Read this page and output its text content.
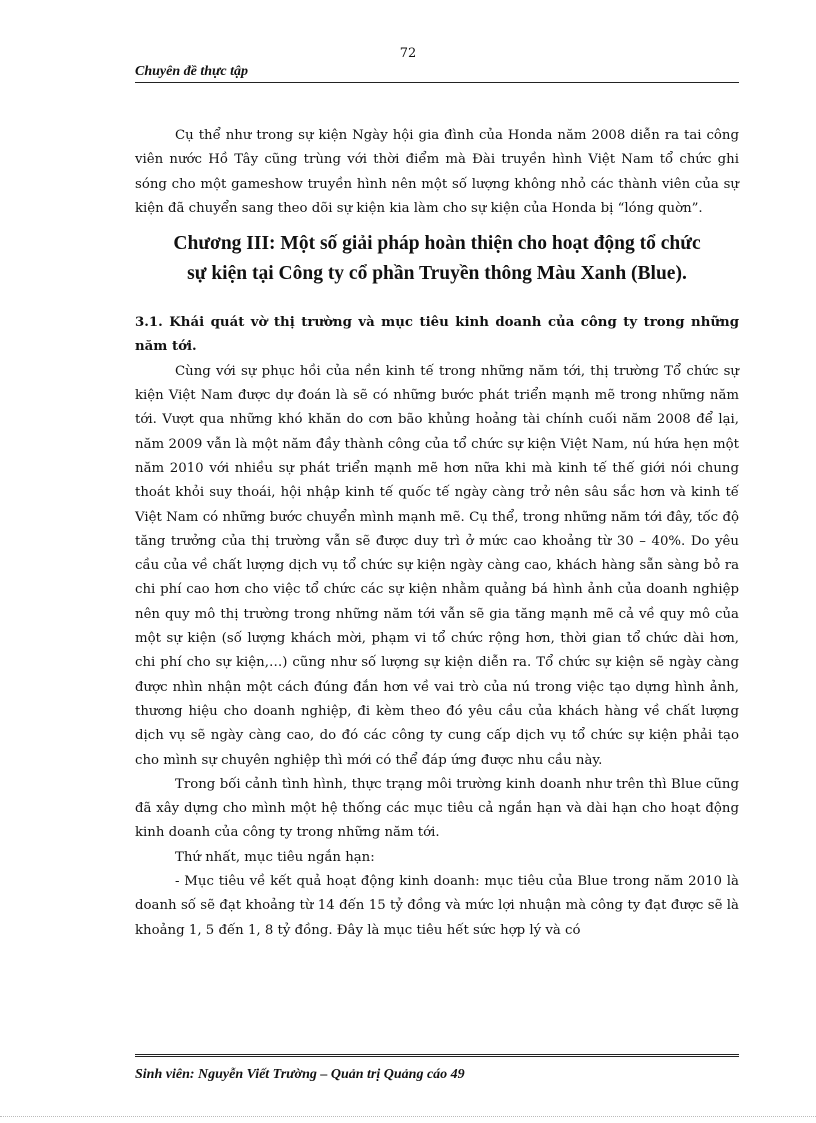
72
Chuyên đề thực tập

Cụ thể như trong sự kiện Ngày hội gia đình của Honda năm 2008 diễn ra tai công viên nước Hồ Tây cũng trùng với thời điểm mà Đài truyền hình Việt Nam tổ chức ghi sóng cho một gameshow truyền hình nên một số lượng không nhỏ các thành viên của sự kiện đã chuyển sang theo dõi sự kiện kia làm cho sự kiện của Honda bị “lóng quờn”.

Chương III: Một số giải pháp hoàn thiện cho hoạt động tổ chức
sự kiện tại Công ty cổ phần Truyền thông Màu Xanh (Blue).

3.1. Khái quát vờ thị trường và mục tiêu kinh doanh của công ty trong những năm tới.

Cùng với sự phục hồi của nền kinh tế trong những năm tới, thị trường Tổ chức sự kiện Việt Nam được dự đoán là sẽ có những bước phát triển mạnh mẽ trong những năm tới. Vượt qua những khó khăn do cơn bão khủng hoảng tài chính cuối năm 2008 để lại, năm 2009 vẫn là một năm đầy thành công của tổ chức sự kiện Việt Nam, nú hứa hẹn một năm 2010 với nhiều sự phát triển mạnh mẽ hơn nữa khi mà kinh tế thế giới nói chung thoát khỏi suy thoái, hội nhập kinh tế quốc tế ngày càng trở nên sâu sắc hơn và kinh tế Việt Nam có những bước chuyển mình mạnh mẽ. Cụ thể, trong những năm tới đây, tốc độ tăng trưởng của thị trường vẫn sẽ được duy trì ở mức cao khoảng từ 30 – 40%. Do yêu cầu của về chất lượng dịch vụ tổ chức sự kiện ngày càng cao, khách hàng sẵn sàng bỏ ra chi phí cao hơn cho việc tổ chức các sự kiện nhằm quảng bá hình ảnh của doanh nghiệp nên quy mô thị trường trong những năm tới vẫn sẽ gia tăng mạnh mẽ cả về quy mô của một sự kiện (số lượng khách mời, phạm vi tổ chức rộng hơn, thời gian tổ chức dài hơn, chi phí cho sự kiện,…) cũng như số lượng sự kiện diễn ra. Tổ chức sự kiện sẽ ngày càng được nhìn nhận một cách đúng đắn hơn về vai trò của nú trong việc tạo dựng hình ảnh, thương hiệu cho doanh nghiệp, đi kèm theo đó yêu cầu của khách hàng về chất lượng dịch vụ sẽ ngày càng cao, do đó các công ty cung cấp dịch vụ tổ chức sự kiện phải tạo cho mình sự chuyên nghiệp thì mới có thể đáp ứng được nhu cầu này.

Trong bối cảnh tình hình, thực trạng môi trường kinh doanh như trên thì Blue cũng đã xây dựng cho mình một hệ thống các mục tiêu cả ngắn hạn và dài hạn cho hoạt động kinh doanh của công ty trong những năm tới.

Thứ nhất, mục tiêu ngắn hạn:

- Mục tiêu về kết quả hoạt động kinh doanh: mục tiêu của Blue trong năm 2010 là doanh số sẽ đạt khoảng từ 14 đến 15 tỷ đồng và mức lợi nhuận mà công ty đạt được sẽ là khoảng 1, 5 đến 1, 8 tỷ đồng. Đây là mục tiêu hết sức hợp lý và có

Sinh viên: Nguyễn Viết Trường – Quản trị Quảng cáo 49
